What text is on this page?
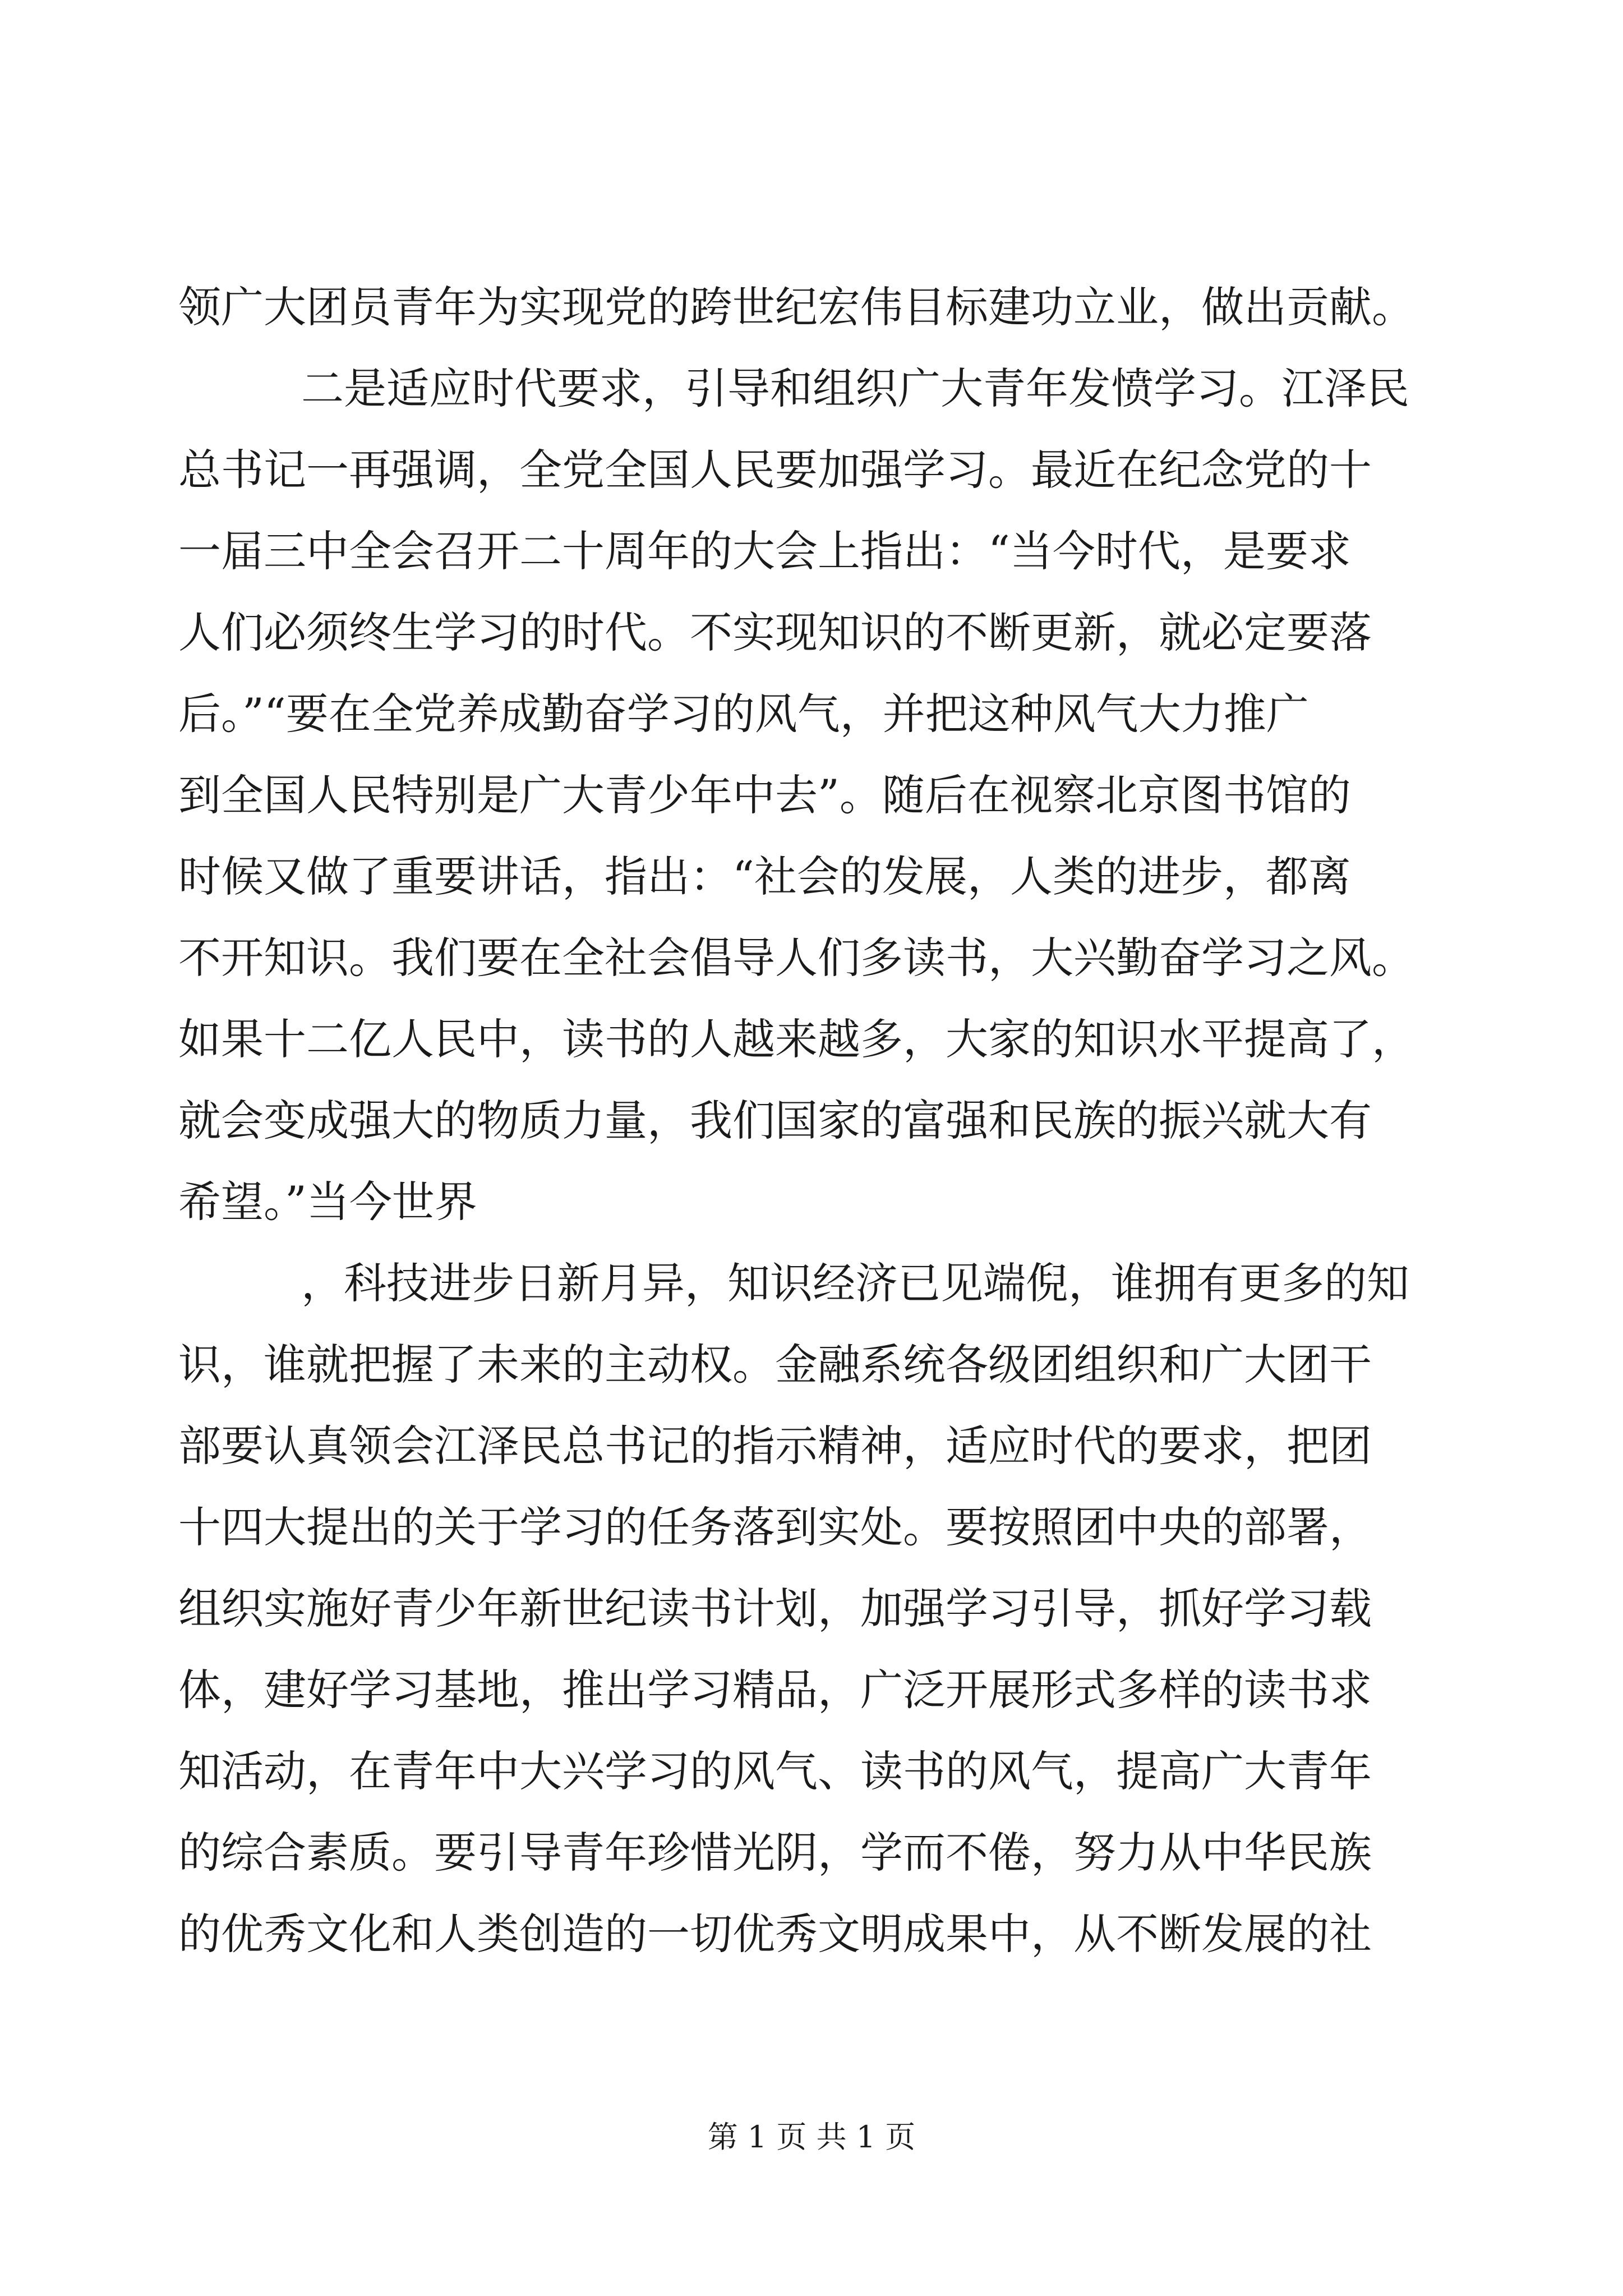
领广大团员青年为实现党的跨世纪宏伟目标建功立业，做出贡献。
二是适应时代要求，引导和组织广大青年发愤学习。江泽民
总书记一再强调，全党全国人民要加强学习。最近在纪念党的十
一届三中全会召开二十周年的大会上指出：“当今时代，是要求
人们必须终生学习的时代。不实现知识的不断更新，就必定要落
后。”“要在全党养成勤奋学习的风气，并把这种风气大力推广
到全国人民特别是广大青少年中去”。随后在视察北京图书馆的
时候又做了重要讲话，指出：“社会的发展，人类的进步，都离
不开知识。我们要在全社会倡导人们多读书，大兴勤奋学习之风。
如果十二亿人民中，读书的人越来越多，大家的知识水平提高了，
就会变成强大的物质力量，我们国家的富强和民族的振兴就大有
希望。”当今世界
，科技进步日新月异，知识经济已见端倪，谁拥有更多的知
识，谁就把握了未来的主动权。金融系统各级团组织和广大团干
部要认真领会江泽民总书记的指示精神，适应时代的要求，把团
十四大提出的关于学习的任务落到实处。要按照团中央的部署，
组织实施好青少年新世纪读书计划，加强学习引导，抓好学习载
体，建好学习基地，推出学习精品，广泛开展形式多样的读书求
知活动，在青年中大兴学习的风气、读书的风气，提高广大青年
的综合素质。要引导青年珍惜光阴，学而不倦，努力从中华民族
的优秀文化和人类创造的一切优秀文明成果中，从不断发展的社
第 1 页 共 1 页
